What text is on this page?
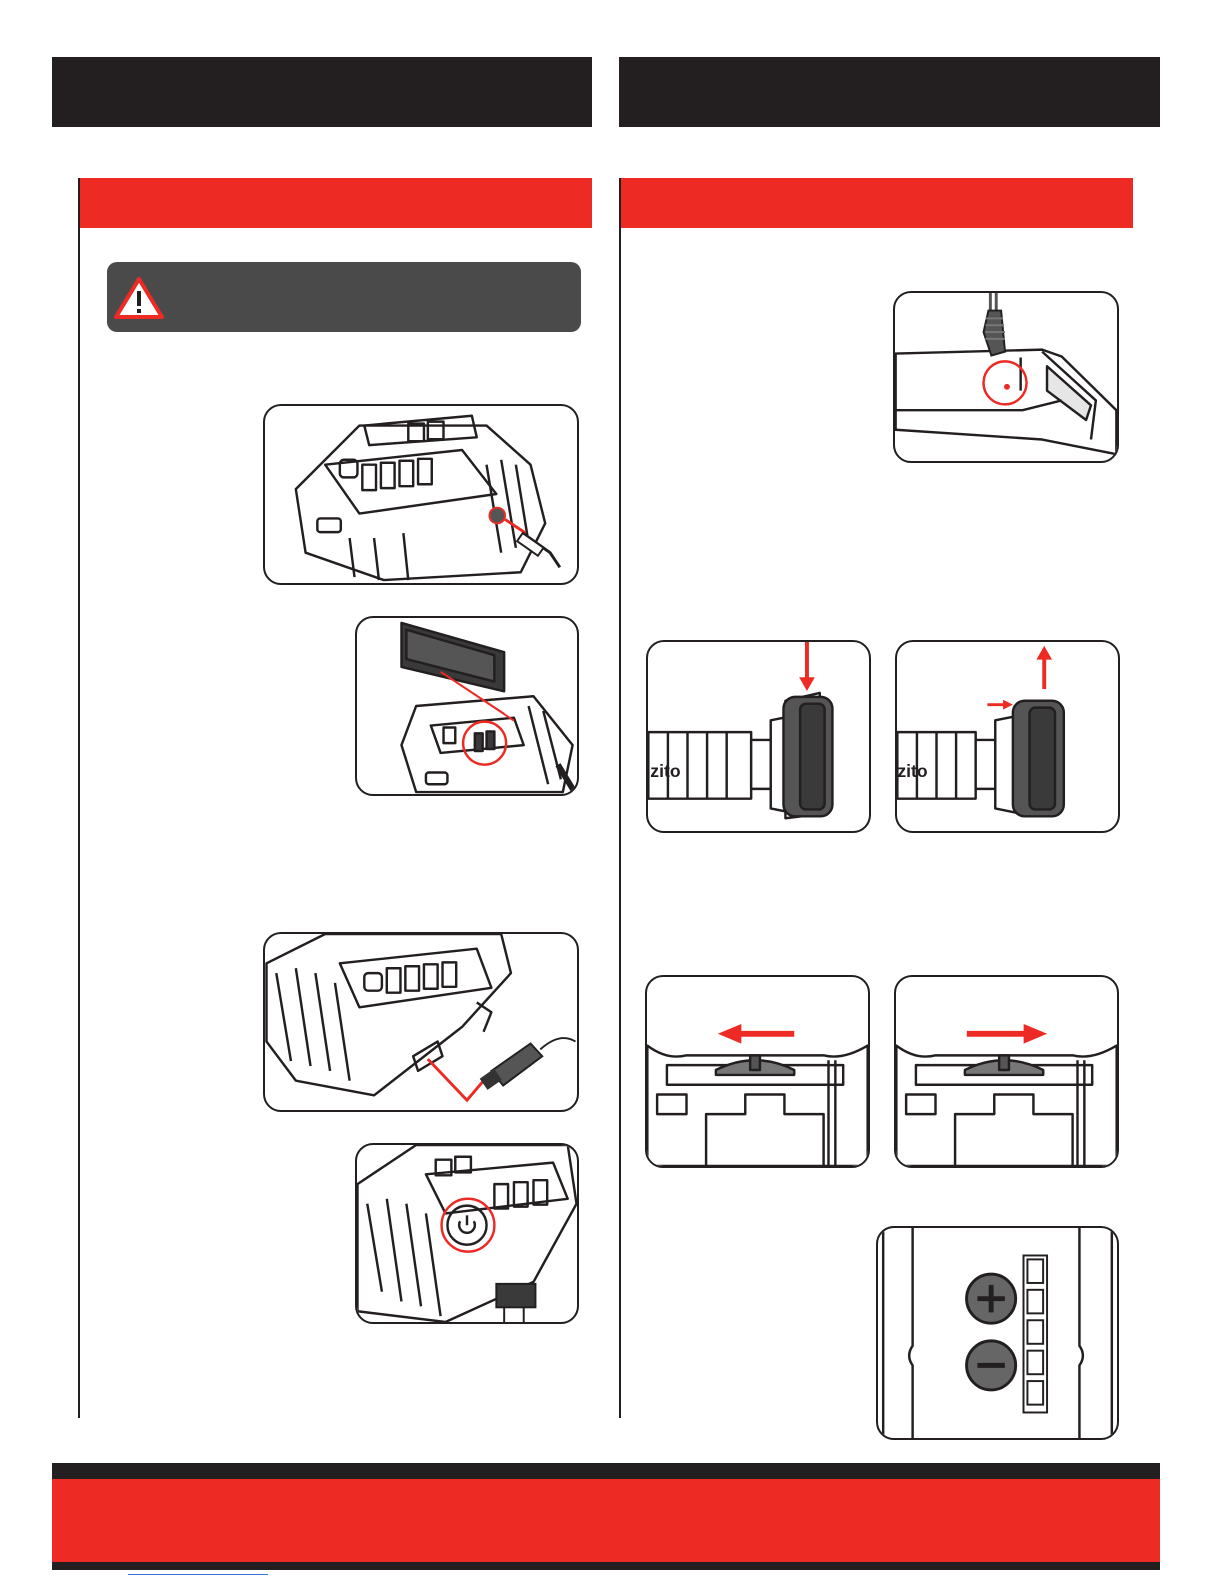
zito	zito
